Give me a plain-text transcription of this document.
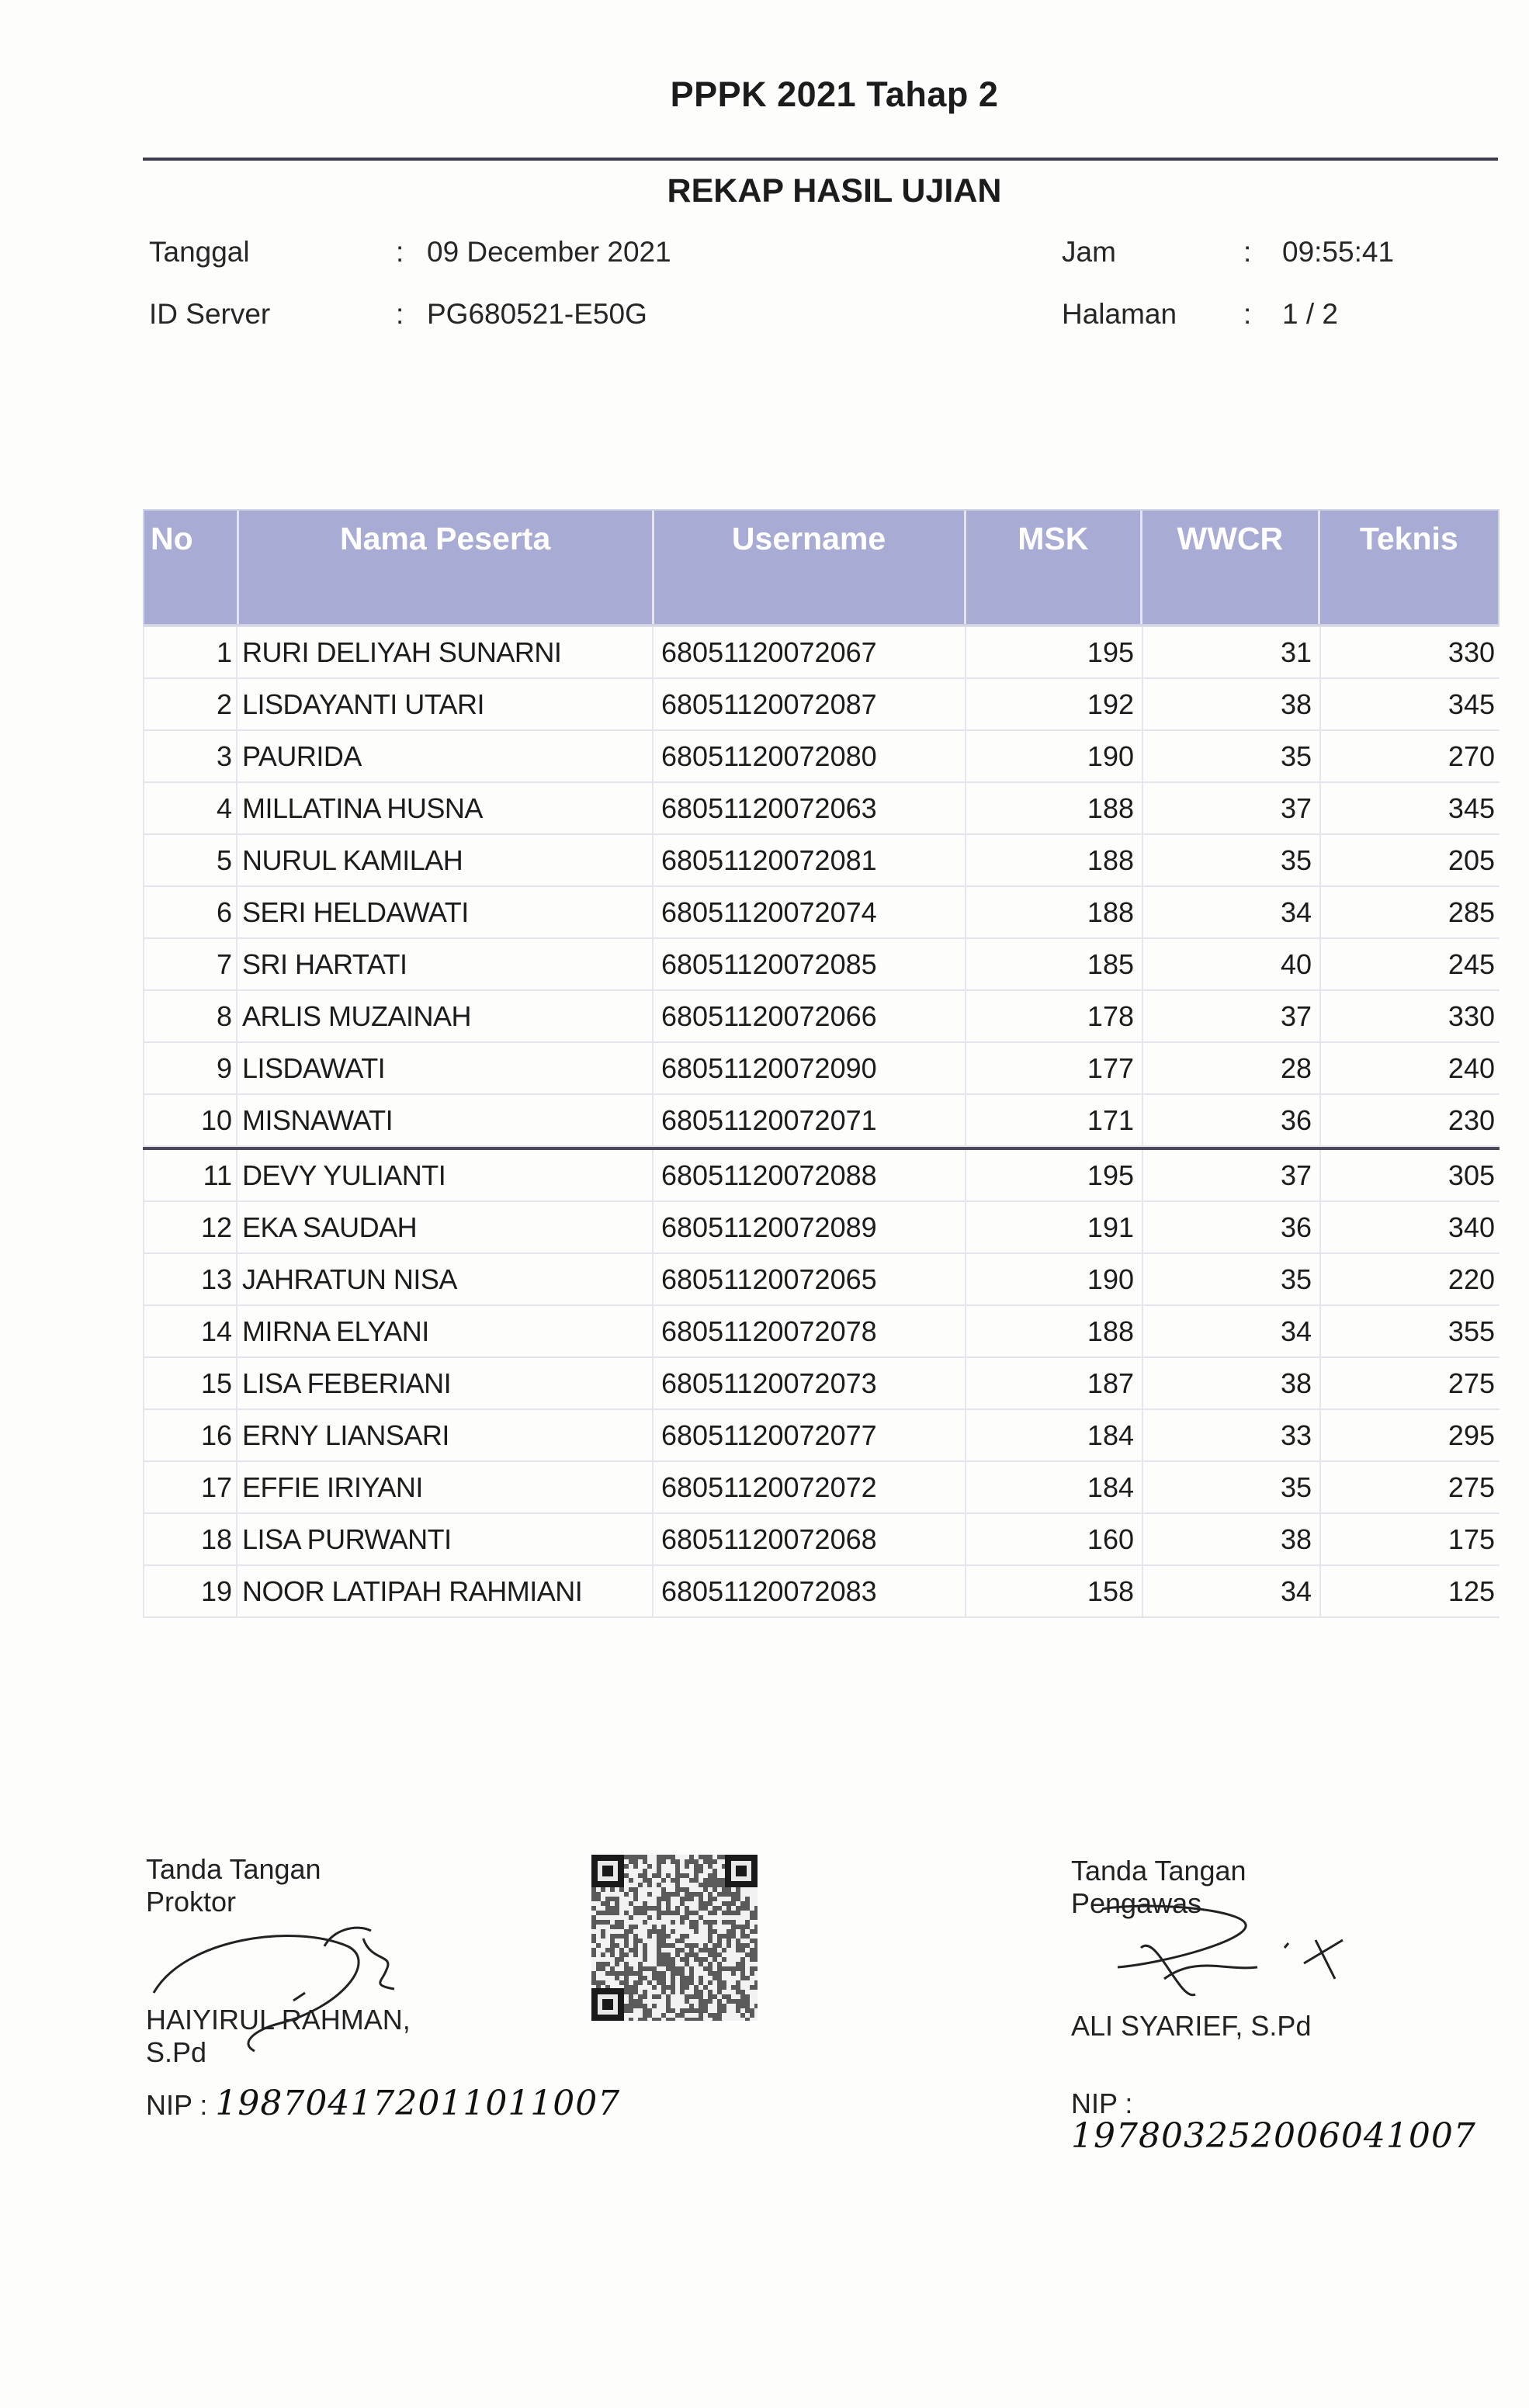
PPPK 2021 Tahap 2
REKAP HASIL UJIAN
Tanggal	: 09 December 2021
ID Server	: PG680521-E50G
Jam	: 09:55:41
Halaman : 1 / 2
No	Nama Peserta	Username	MSK	WWCR	Teknis
1 RURI DELIYAH SUNARNI	68051120072067	195	31	330
2 LISDAYANTI UTARI	68051120072087	192	38	345
3 PAURIDA	68051120072080	190	35	270
4 MILLATINA HUSNA	68051120072063	188	37	345
5 NURUL KAMILAH	68051120072081	188	35	205
6 SERI HELDAWATI	68051120072074	188	34	285
7 SRI HARTATI	68051120072085	185	40	245
8 ARLIS MUZAINAH	68051120072066	178	37	330
9 LISDAWATI	68051120072090	177	28	240
10 MISNAWATI	68051120072071	171	36	230
11 DEVY YULIANTI	68051120072088	195	37	305
12 EKA SAUDAH	68051120072089	191	36	340
13 JAHRATUN NISA	68051120072065	190	35	220
14 MIRNA ELYANI	68051120072078	188	34	355
15 LISA FEBERIANI	68051120072073	187	38	275
16 ERNY LIANSARI	68051120072077	184	33	295
17 EFFIE IRIYANI	68051120072072	184	35	275
18 LISA PURWANTI	68051120072068	160	38	175
19 NOOR LATIPAH RAHMIANI	68051120072083	158	34	125
Tanda Tangan
Proktor
HAIYIRUL RAHMAN,
S.Pd
NIP : 198704172011011007
Tanda Tangan
Pengawas
ALI SYARIEF, S.Pd
NIP : 197803252006041007
